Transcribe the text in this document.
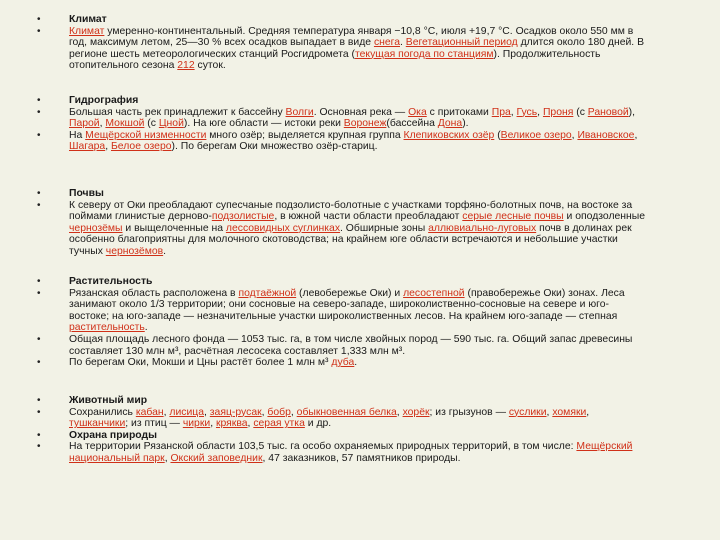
•	Климат
•	Климат умеренно-континентальный. Средняя температура января −10,8 °C, июля +19,7 °C. Осадков около 550 мм в год, максимум летом, 25—30 % всех осадков выпадает в виде снега. Вегетационный период длится около 180 дней. В регионе шесть метеорологических станций Росгидромета (текущая погода по станциям). Продолжительность отопительного сезона 212 суток.
•	Гидрография
•	Большая часть рек принадлежит к бассейну Волги. Основная река — Ока с притоками Пра, Гусь, Проня (с Рановой), Парой, Мокшой (с Цной). На юге области — истоки реки Воронеж(бассейна Дона).
•	На Мещёрской низменности много озёр; выделяется крупная группа Клепиковских озёр (Великое озеро, Ивановское, Шагара, Белое озеро). По берегам Оки множество озёр-стариц.
•	Почвы
•	К северу от Оки преобладают супесчаные подзолисто-болотные с участками торфяно-болотных почв, на востоке за поймами глинистые дерново-подзолистые, в южной части области преобладают серые лесные почвы и оподзоленные чернозёмы и выщелоченные на лессовидных суглинках. Обширные зоны аллювиально-луговых почв в долинах рек особенно благоприятны для молочного скотоводства; на крайнем юге области встречаются и небольшие участки тучных чернозёмов.
•	Растительность
•	Рязанская область расположена в подтаёжной (левобережье Оки) и лесостепной (правобережье Оки) зонах. Леса занимают около 1/3 территории; они сосновые на северо-западе, широколиственно-сосновые на севере и юго-востоке; на юго-западе — незначительные участки широколиственных лесов. На крайнем юго-западе — степная растительность.
•	Общая площадь лесного фонда — 1053 тыс. га, в том числе хвойных пород — 590 тыс. га. Общий запас древесины составляет 130 млн м³, расчётная лесосека составляет 1,333 млн м³.
•	По берегам Оки, Мокши и Цны растёт более 1 млн м³ дуба.
•	Животный мир
•	Сохранились кабан, лисица, заяц-русак, бобр, обыкновенная белка, хорёк; из грызунов — суслики, хомяки, тушканчики; из птиц — чирки, кряква, серая утка и др.
•	Охрана природы
•	На территории Рязанской области 103,5 тыс. га особо охраняемых природных территорий, в том числе: Мещёрский национальный парк, Окский заповедник, 47 заказников, 57 памятников природы.
